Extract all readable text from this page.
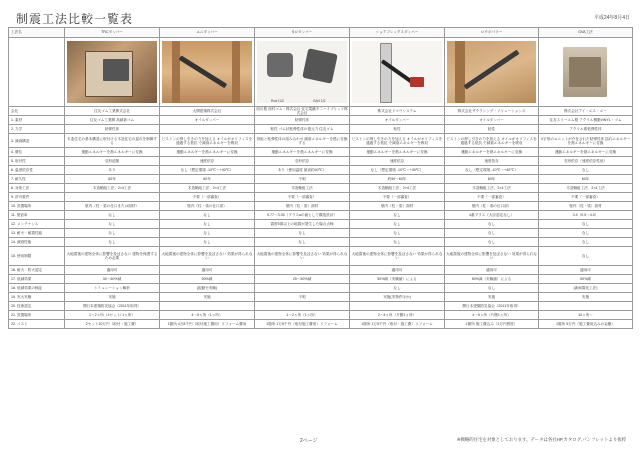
制震工法比較一覧表	平成24年8月4日
工法名	TRCダンパー	ユニダンパー	Sロダンパー	ショアフレックスダンパー	ロウボパワー	GVA工法

			Rod t1/2 GA4 1/2			

会社	住友ゴム工業株式会社	大開建築株式会社	西川製 西村ゴム・株式会社 住宅電鐵不二ハイブリッド株式会社	株式会社ドコウシステム	株式会社ザクラシング・ソリューションズ	株式会社アイ・エス・エー
1. 素材	住友ゴム工業開 高減衰ゴム	オイルダンパー	粘弾性体	オイルダンパー	オイルダンパー	住友スリーエム製 アクリル樹脂ViNYL・ゴム
2. 力学	粘弾性体		粘性 ゴム状粘弾性体の復元力 住友ゴム	粘性	粘性	アクリル系粘弾性体
3. 減衰構造	木造住宅の基本構造に取付ける木造住宅の揺れを制御する	ピストンの押し引きの力を加える オイルがオリフィスを通過する抵抗 で減衰エネルギーを吸収	骨組と粘弾性体の組み合わせ 減衰エネルギーを熱に変換する	ピストンの押し引きの力を加える オイルがオリフィスを通過する抵抗 で減衰エネルギーを吸収	ピストンの押し引きの力を加える オイルがオリフィスを通過する抵抗 で減衰エネルギーを吸収	V字形のユニットが介在された粘弾性体 揺れエネルギーを熱エネルギーに変換
4. 優位	運動エネルギーを熱エネルギーに変換	運動エネルギーを熱エネルギーに変換	運動エネルギーを熱エネルギーに変換	運動エネルギーを熱エネルギーに変換	運動エネルギーを熱エネルギーに変換	運動エネルギーを熱エネルギーに変換
5. 取付性	変形追随	速度依存	変形依存	速度依存	速度依存	変形依存（速度依存性低）
6. 温度依存性	あり	なし（想定環境 -10℃〜+40℃）	あり（使用温度 最高約40℃）	なし（想定環境 -10℃〜+40℃）	なし（想定環境 -10℃〜+40℃）	なし
7. 耐久性	60年	60年	不明	約50〜60年	60年	60年
8. 対象工法	木造軸組工法、2×4工法	木造軸組工法、2×4工法	木造軸組工法	木造軸組工法、2×4工法	木造軸組工法、2×4工法	木造軸組工法、2×4工法
9. 許可要件		不要（一部審査）	不要（一部審査）	不要（一部審査）	不要（一部審査）	不要（一部審査）
10. 設置場所	壁内（柱・梁の仕口または面材）	壁内（柱・梁の仕口部）	壁内（柱・梁）面材	壁内（柱・梁）面材	壁内（柱・梁の仕口部）	壁内（柱・梁）面材
11. 壁倍率	なし	なし	0.77〜3.35（プラスαの値として構造設計）	なし	4番プラス（大臣認定なし）	3.4（0.5〜4.0）
12. メンテナンス	なし	なし	震度5弱以上の地震が発生した場合点検	なし	なし	なし
13. 耐火・耐震性能	なし	なし	なし	なし	なし	なし
14. 減衰性能	なし	なし	なし	なし	なし	なし
15. 使用制限	大地震後の建物全体に影響を及ぼさない 建物を保護するため必要	大地震後の建物全体に影響を及ぼさない 効果が得られない	大地震後の建物全体に影響を及ぼさない 効果が得られない	大地震後の建物全体に影響を及ぼさない 効果が得られない	大地震後の建物全体に影響を及ぼさない 効果が得られない	なし
16. 耐火・防火認定	適用可	適用可		適用可	適用可	適用可
17. 低減効果	30〜50%減	50%減	25〜50%減	50%減（実験値）による	50%減（実験値）による	50%減
18. 低減効果の検証	シミュレーション解析	(振動台実験)		なし	なし	(新耐震化工法)
19. 実大実験	実施	実施	不明	実施(実物件ほか)	実施	実施
20. 技術認定	開日本建築防災協会（2011年取得）				開日本建築防災協会（2011年取得）	
21. 設置場所	1〜2ヵ所（1セット/ 1ヵ所）	4〜5ヵ所（1ヵ所）	1〜2ヵ所（1ヵ所）	2〜4ヵ所（片側1ヵ所）	4〜5ヵ所（片側1ヵ所）	10ヵ所〜
22. コスト	2セット10万円（取付・施工費）	1箇所 4万8千円（取付施工費用）リフォーム費用	1箇所 1万8千円（取付施工費用）リフォーム	1箇所 1万5千円（取付・施工費）リフォーム	1箇所 施工費込み（1万円程度）	1箇所 5万円（施工費用込みの金額）
2ページ	※戦略的住宅を対象としております。データは各社HP,カタログ,パンフレットより抜粋
